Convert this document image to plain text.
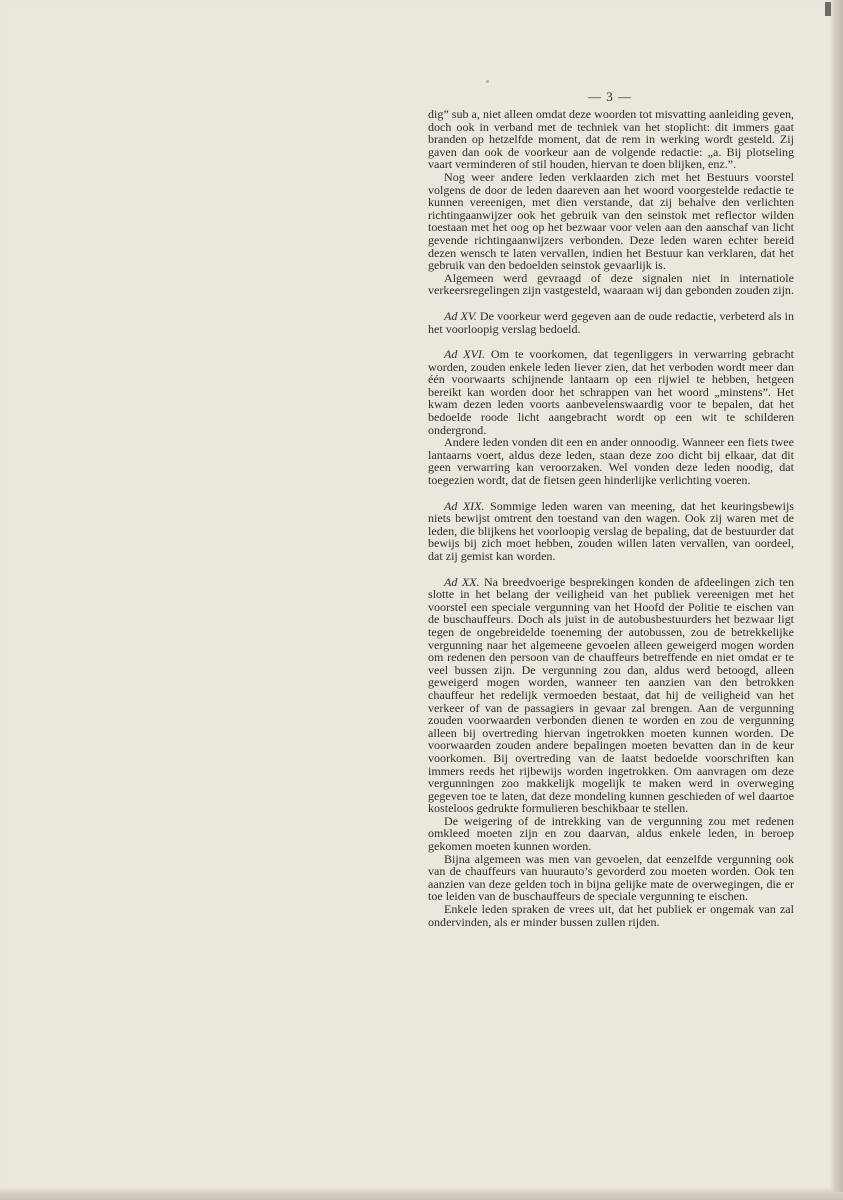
— 3 —

dig” sub a, niet alleen omdat deze woorden tot misvatting aanleiding geven, doch ook in verband met de techniek van het stoplicht: dit immers gaat branden op hetzelfde moment, dat de rem in werking wordt gesteld. Zij gaven dan ook de voorkeur aan de volgende redactie: „a. Bij plotseling vaart verminderen of stil houden, hiervan te doen blijken, enz.”.

Nog weer andere leden verklaarden zich met het Bestuurs voorstel volgens de door de leden daareven aan het woord voorgestelde redactie te kunnen vereenigen, met dien verstande, dat zij behalve den verlichten richtingaanwijzer ook het gebruik van den seinstok met reflector wilden toestaan met het oog op het bezwaar voor velen aan den aanschaf van licht gevende richtingaanwijzers verbonden. Deze leden waren echter bereid dezen wensch te laten vervallen, indien het Bestuur kan verklaren, dat het gebruik van den bedoelden seinstok gevaarlijk is.

Algemeen werd gevraagd of deze signalen niet in internatiole verkeersregelingen zijn vastgesteld, waaraan wij dan gebonden zouden zijn.

Ad XV. De voorkeur werd gegeven aan de oude redactie, verbeterd als in het voorloopig verslag bedoeld.

Ad XVI. Om te voorkomen, dat tegenliggers in verwarring gebracht worden, zouden enkele leden liever zien, dat het verboden wordt meer dan één voorwaarts schijnende lantaarn op een rijwiel te hebben, hetgeen bereikt kan worden door het schrappen van het woord „minstens”. Het kwam dezen leden voorts aanbevelenswaardig voor te bepalen, dat het bedoelde roode licht aangebracht wordt op een wit te schilderen ondergrond.

Andere leden vonden dit een en ander onnoodig. Wanneer een fiets twee lantaarns voert, aldus deze leden, staan deze zoo dicht bij elkaar, dat dit geen verwarring kan veroorzaken. Wel vonden deze leden noodig, dat toegezien wordt, dat de fietsen geen hinderlijke verlichting voeren.

Ad XIX. Sommige leden waren van meening, dat het keuringsbewijs niets bewijst omtrent den toestand van den wagen. Ook zij waren met de leden, die blijkens het voorloopig verslag de bepaling, dat de bestuurder dat bewijs bij zich moet hebben, zouden willen laten vervallen, van oordeel, dat zij gemist kan worden.

Ad XX. Na breedvoerige besprekingen konden de afdeelingen zich ten slotte in het belang der veiligheid van het publiek vereenigen met het voorstel een speciale vergunning van het Hoofd der Politie te eischen van de buschauffeurs. Doch als juist in de autobusbestuurders het bezwaar ligt tegen de ongebreidelde toeneming der autobussen, zou de betrekkelijke vergunning naar het algemeene gevoelen alleen geweigerd mogen worden om redenen den persoon van de chauffeurs betreffende en niet omdat er te veel bussen zijn. De vergunning zou dan, aldus werd betoogd, alleen geweigerd mogen worden, wanneer ten aanzien van den betrokken chauffeur het redelijk vermoeden bestaat, dat hij de veiligheid van het verkeer of van de passagiers in gevaar zal brengen. Aan de vergunning zouden voorwaarden verbonden dienen te worden en zou de vergunning alleen bij overtreding hiervan ingetrokken moeten kunnen worden. De voorwaarden zouden andere bepalingen moeten bevatten dan in de keur voorkomen. Bij overtreding van de laatst bedoelde voorschriften kan immers reeds het rijbewijs worden ingetrokken. Om aanvragen om deze vergunningen zoo makkelijk mogelijk te maken werd in overweging gegeven toe te laten, dat deze mondeling kunnen geschieden of wel daartoe kosteloos gedrukte formulieren beschikbaar te stellen.

De weigering of de intrekking van de vergunning zou met redenen omkleed moeten zijn en zou daarvan, aldus enkele leden, in beroep gekomen moeten kunnen worden.

Bijna algemeen was men van gevoelen, dat eenzelfde vergunning ook van de chauffeurs van huurauto’s gevorderd zou moeten worden. Ook ten aanzien van deze gelden toch in bijna gelijke mate de overwegingen, die er toe leiden van de buschauffeurs de speciale vergunning te eischen.

Enkele leden spraken de vrees uit, dat het publiek er ongemak van zal ondervinden, als er minder bussen zullen rijden.
